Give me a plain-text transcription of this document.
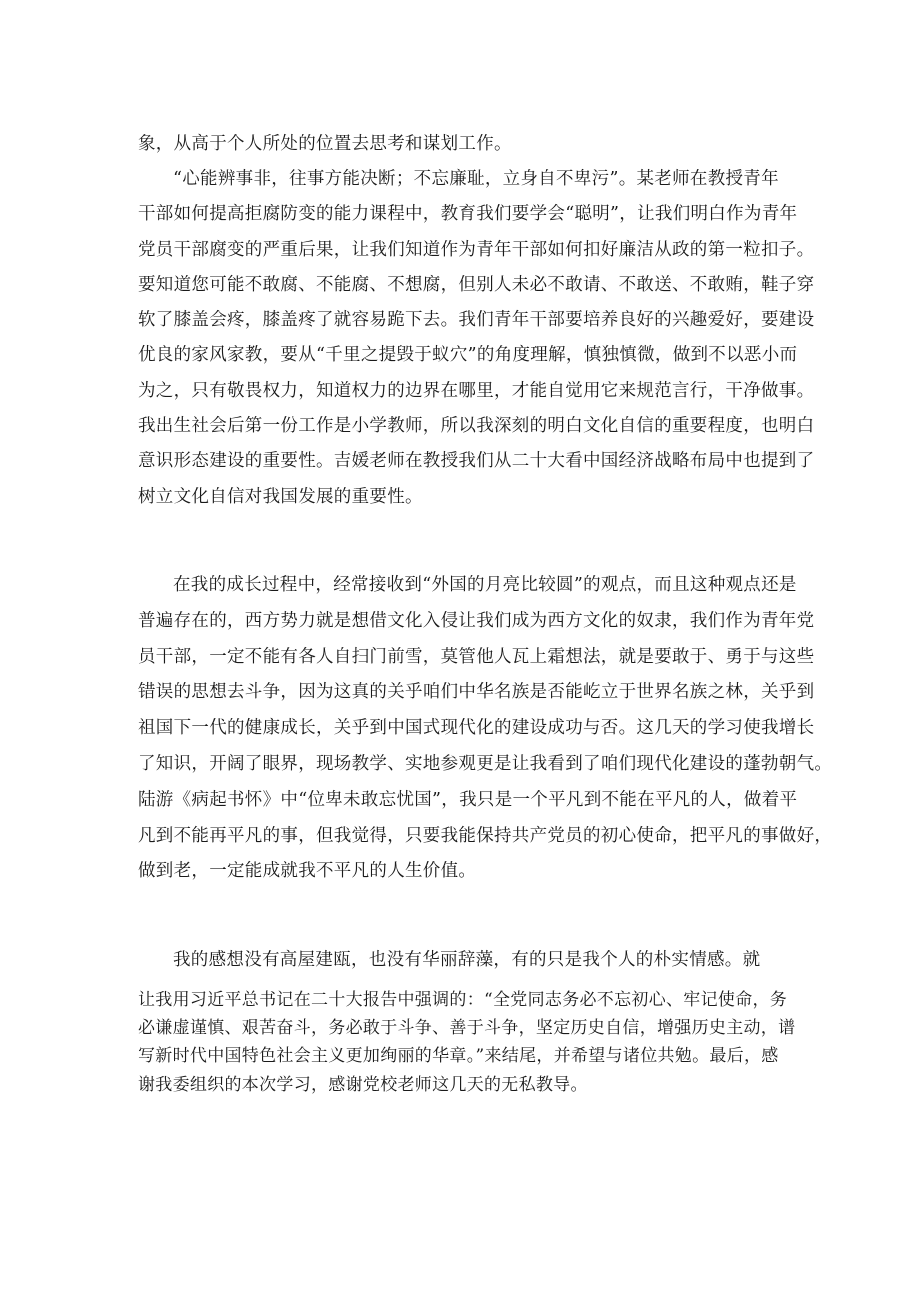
象，从高于个人所处的位置去思考和谋划工作。
“心能辨事非，往事方能决断；不忘廉耻，立身自不卑污”。某老师在教授青年
干部如何提高拒腐防变的能力课程中，教育我们要学会“聪明”，让我们明白作为青年
党员干部腐变的严重后果，让我们知道作为青年干部如何扣好廉洁从政的第一粒扣子。
要知道您可能不敢腐、不能腐、不想腐，但别人未必不敢请、不敢送、不敢贿，鞋子穿
软了膝盖会疼，膝盖疼了就容易跪下去。我们青年干部要培养良好的兴趣爱好，要建设
优良的家风家教，要从“千里之提毁于蚁穴”的角度理解，慎独慎微，做到不以恶小而
为之，只有敬畏权力，知道权力的边界在哪里，才能自觉用它来规范言行，干净做事。
我出生社会后第一份工作是小学教师，所以我深刻的明白文化自信的重要程度，也明白
意识形态建设的重要性。吉媛老师在教授我们从二十大看中国经济战略布局中也提到了
树立文化自信对我国发展的重要性。
在我的成长过程中，经常接收到“外国的月亮比较圆”的观点，而且这种观点还是
普遍存在的，西方势力就是想借文化入侵让我们成为西方文化的奴隶，我们作为青年党
员干部，一定不能有各人自扫门前雪，莫管他人瓦上霜想法，就是要敢于、勇于与这些
错误的思想去斗争，因为这真的关乎咱们中华名族是否能屹立于世界名族之林，关乎到
祖国下一代的健康成长，关乎到中国式现代化的建设成功与否。这几天的学习使我增长
了知识，开阔了眼界，现场教学、实地参观更是让我看到了咱们现代化建设的蓬勃朝气。
陆游《病起书怀》中“位卑未敢忘忧国”，我只是一个平凡到不能在平凡的人，做着平
凡到不能再平凡的事，但我觉得，只要我能保持共产党员的初心使命，把平凡的事做好，
做到老，一定能成就我不平凡的人生价值。
我的感想没有高屋建瓯，也没有华丽辞藻，有的只是我个人的朴实情感。就
让我用习近平总书记在二十大报告中强调的：“全党同志务必不忘初心、牢记使命，务
必谦虚谨慎、艰苦奋斗，务必敢于斗争、善于斗争，坚定历史自信，增强历史主动，谱
写新时代中国特色社会主义更加绚丽的华章。”来结尾，并希望与诸位共勉。最后，感
谢我委组织的本次学习，感谢党校老师这几天的无私教导。
